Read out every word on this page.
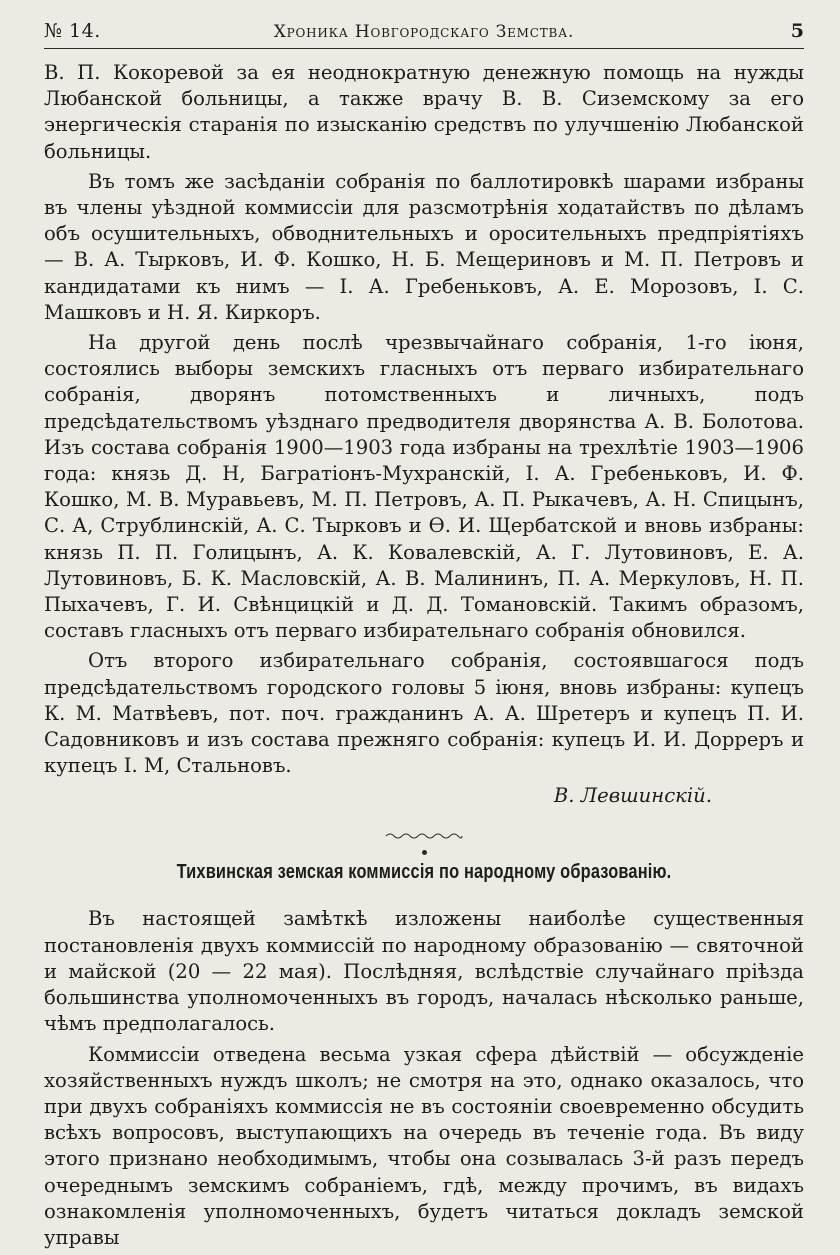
№ 14.	Хроника Новгородскаго Земства.	5

В. П. Кокоревой за ея неоднократную денежную помощь на нужды Любанской больницы, а также врачу В. В. Сиземскому за его энергическія старанія по изысканію средствъ по улучшенію Любанской больницы.

Въ томъ же засѣданіи собранія по баллотировкѣ шарами избраны въ члены уѣздной коммиссіи для разсмотрѣнія ходатайствъ по дѣламъ объ осушительныхъ, обводнительныхъ и оросительныхъ предпріятіяхъ — В. А. Тырковъ, И. Ф. Кошко, Н. Б. Мещериновъ и М. П. Петровъ и кандидатами къ нимъ — І. А. Гребеньковъ, А. Е. Морозовъ, І. С. Машковъ и Н. Я. Киркоръ.

На другой день послѣ чрезвычайнаго собранія, 1-го іюня, состоялись выборы земскихъ гласныхъ отъ перваго избирательнаго собранія, дворянъ потомственныхъ и личныхъ, подъ предсѣдательствомъ уѣзднаго предводителя дворянства А. В. Болотова. Изъ состава собранія 1900—1903 года избраны на трехлѣтіе 1903—1906 года: князь Д. Н, Багратіонъ-Мухранскій, І. А. Гребеньковъ, И. Ф. Кошко, М. В. Муравьевъ, М. П. Петровъ, А. П. Рыкачевъ, А. Н. Спицынъ, С. А, Струблинскій, А. С. Тырковъ и Ѳ. И. Щербатской и вновь избраны: князь П. П. Голицынъ, А. К. Ковалевскій, А. Г. Лутовиновъ, Е. А. Лутовиновъ, Б. К. Масловскій, А. В. Малининъ, П. А. Меркуловъ, Н. П. Пыхачевъ, Г. И. Свѣнцицкій и Д. Д. Томановскій. Такимъ образомъ, составъ гласныхъ отъ перваго избирательнаго собранія обновился.

Отъ второго избирательнаго собранія, состоявшагося подъ предсѣдательствомъ городского головы 5 іюня, вновь избраны: купецъ К. М. Матвѣевъ, пот. поч. гражданинъ А. А. Шретеръ и купецъ П. И. Садовниковъ и изъ состава прежняго собранія: купецъ И. И. Дорреръ и купецъ І. М, Стальновъ.

В. Левшинскій.
Тихвинская земская коммиссія по народному образованію.

Въ настоящей замѣткѣ изложены наиболѣе существенныя постановленія двухъ коммиссій по народному образованію — святочной и майской (20 — 22 мая). Послѣдняя, вслѣдствіе случайнаго пріѣзда большинства уполномоченныхъ въ городъ, началась нѣсколько раньше, чѣмъ предполагалось.

Коммиссіи отведена весьма узкая сфера дѣйствій — обсужденіе хозяйственныхъ нуждъ школъ; не смотря на это, однако оказалось, что при двухъ собраніяхъ коммиссія не въ состояніи своевременно обсудить всѣхъ вопросовъ, выступающихъ на очередь въ теченіе года. Въ виду этого признано необходимымъ, чтобы она созывалась 3-й разъ передъ очереднымъ земскимъ собраніемъ, гдѣ, между прочимъ, въ видахъ ознакомленія уполномоченныхъ, будетъ читаться докладъ земской управы
